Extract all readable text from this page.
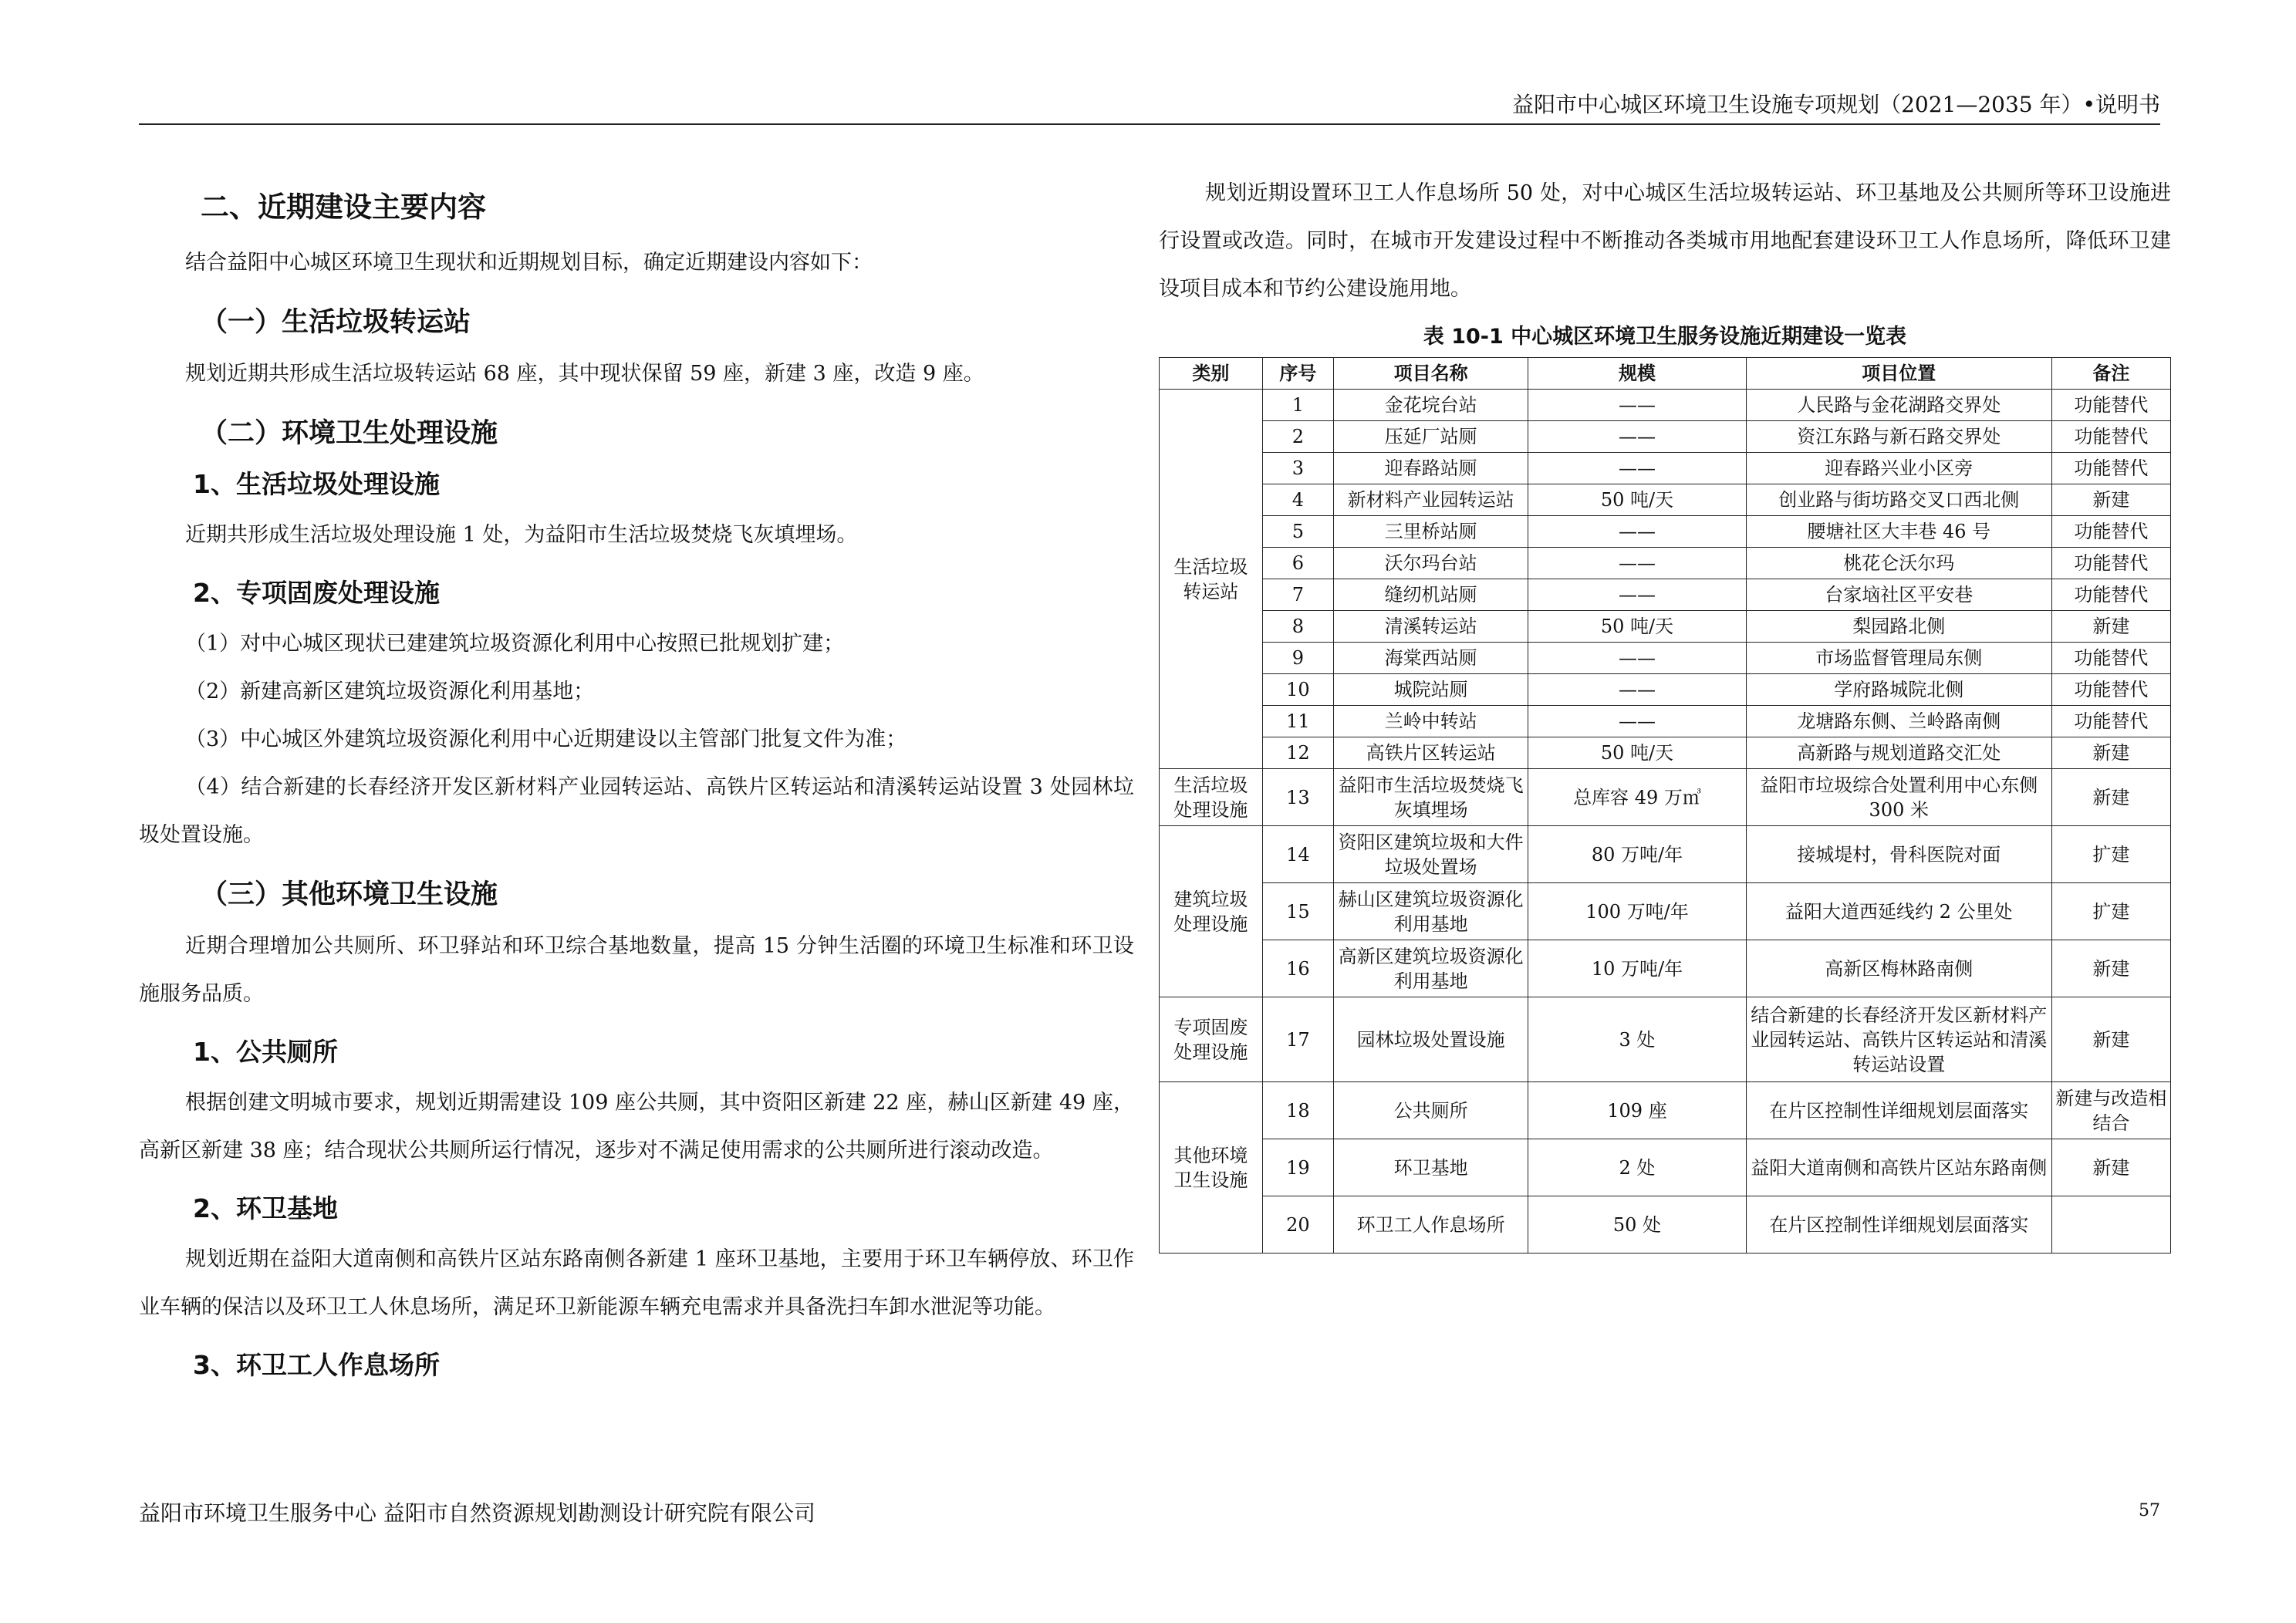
益阳市中心城区环境卫生设施专项规划（2021—2035 年）•说明书
二、近期建设主要内容

结合益阳中心城区环境卫生现状和近期规划目标，确定近期建设内容如下：

（一）生活垃圾转运站

规划近期共形成生活垃圾转运站 68 座，其中现状保留 59 座，新建 3 座，改造 9 座。

（二）环境卫生处理设施
1、生活垃圾处理设施

近期共形成生活垃圾处理设施 1 处，为益阳市生活垃圾焚烧飞灰填埋场。

2、专项固废处理设施

（1）对中心城区现状已建建筑垃圾资源化利用中心按照已批规划扩建；

（2）新建高新区建筑垃圾资源化利用基地；

（3）中心城区外建筑垃圾资源化利用中心近期建设以主管部门批复文件为准；

（4）结合新建的长春经济开发区新材料产业园转运站、高铁片区转运站和清溪转运站设置 3 处园林垃圾处置设施。

（三）其他环境卫生设施

近期合理增加公共厕所、环卫驿站和环卫综合基地数量，提高 15 分钟生活圈的环境卫生标准和环卫设施服务品质。

1、公共厕所

根据创建文明城市要求，规划近期需建设 109 座公共厕，其中资阳区新建 22 座，赫山区新建 49 座，高新区新建 38 座；结合现状公共厕所运行情况，逐步对不满足使用需求的公共厕所进行滚动改造。

2、环卫基地

规划近期在益阳大道南侧和高铁片区站东路南侧各新建 1 座环卫基地，主要用于环卫车辆停放、环卫作业车辆的保洁以及环卫工人休息场所，满足环卫新能源车辆充电需求并具备洗扫车卸水泄泥等功能。

3、环卫工人作息场所

规划近期设置环卫工人作息场所 50 处，对中心城区生活垃圾转运站、环卫基地及公共厕所等环卫设施进行设置或改造。同时，在城市开发建设过程中不断推动各类城市用地配套建设环卫工人作息场所，降低环卫建设项目成本和节约公建设施用地。

表 10-1 中心城区环境卫生服务设施近期建设一览表
类别	序号	项目名称	规模	项目位置	备注
生活垃圾转运站	1	金花垸台站	——	人民路与金花湖路交界处	功能替代
	2	压延厂站厕	——	资江东路与新石路交界处	功能替代
	3	迎春路站厕	——	迎春路兴业小区旁	功能替代
	4	新材料产业园转运站	50 吨/天	创业路与街坊路交叉口西北侧	新建
	5	三里桥站厕	——	腰塘社区大丰巷 46 号	功能替代
	6	沃尔玛台站	——	桃花仑沃尔玛	功能替代
	7	缝纫机站厕	——	台家垴社区平安巷	功能替代
	8	清溪转运站	50 吨/天	梨园路北侧	新建
	9	海棠西站厕	——	市场监督管理局东侧	功能替代
	10	城院站厕	——	学府路城院北侧	功能替代
	11	兰岭中转站	——	龙塘路东侧、兰岭路南侧	功能替代
	12	高铁片区转运站	50 吨/天	高新路与规划道路交汇处	新建
生活垃圾处理设施	13	益阳市生活垃圾焚烧飞灰填埋场	总库容 49 万㎥	益阳市垃圾综合处置利用中心东侧 300 米	新建
建筑垃圾处理设施	14	资阳区建筑垃圾和大件垃圾处置场	80 万吨/年	接城堤村，骨科医院对面	扩建
	15	赫山区建筑垃圾资源化利用基地	100 万吨/年	益阳大道西延线约 2 公里处	扩建
	16	高新区建筑垃圾资源化利用基地	10 万吨/年	高新区梅林路南侧	新建
专项固废处理设施	17	园林垃圾处置设施	3 处	结合新建的长春经济开发区新材料产业园转运站、高铁片区转运站和清溪转运站设置	新建
其他环境卫生设施	18	公共厕所	109 座	在片区控制性详细规划层面落实	新建与改造相结合
	19	环卫基地	2 处	益阳大道南侧和高铁片区站东路南侧	新建
	20	环卫工人作息场所	50 处	在片区控制性详细规划层面落实	
益阳市环境卫生服务中心 益阳市自然资源规划勘测设计研究院有限公司	57
